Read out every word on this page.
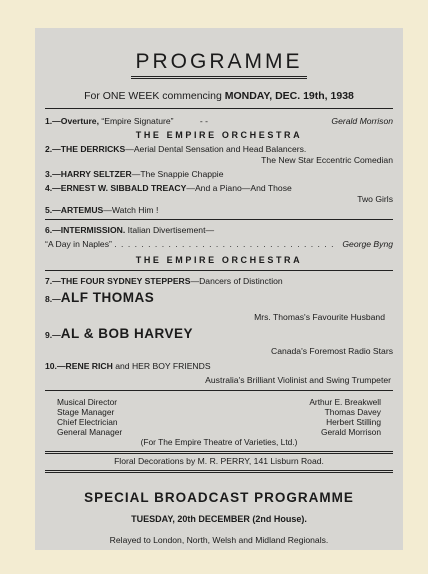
PROGRAMME
For ONE WEEK commencing MONDAY, DEC. 19th, 1938
1.—Overture, “Empire Signature”	- -	Gerald Morrison
THE EMPIRE ORCHESTRA
2.—THE DERRICKS—Aerial Dental Sensation and Head Balancers.
The New Star Eccentric Comedian
3.—HARRY SELTZER—The Snappie Chappie
4.—ERNEST W. SIBBALD TREACY—And a Piano—And Those
Two Girls
5.—ARTEMUS—Watch Him !
6.—INTERMISSION. Italian Divertisement—
“A Day in Naples” . . . . . . . . . . . . . . . . . . . . . . . . . . . . . . . . . George Byng
THE EMPIRE ORCHESTRA
7.—THE FOUR SYDNEY STEPPERS—Dancers of Distinction
8.—ALF THOMAS
Mrs. Thomas's Favourite Husband
9.—AL & BOB HARVEY
Canada's Foremost Radio Stars
10.—RENE RICH and HER BOY FRIENDS
Australia's Brilliant Violinist and Swing Trumpeter
Musical Director	Arthur E. Breakwell
Stage Manager	Thomas Davey
Chief Electrician	Herbert Stilling
General Manager	Gerald Morrison
(For The Empire Theatre of Varieties, Ltd.)
Floral Decorations by M. R. PERRY, 141 Lisburn Road.
SPECIAL BROADCAST PROGRAMME
TUESDAY, 20th DECEMBER (2nd House).
Relayed to London, North, Welsh and Midland Regionals.
